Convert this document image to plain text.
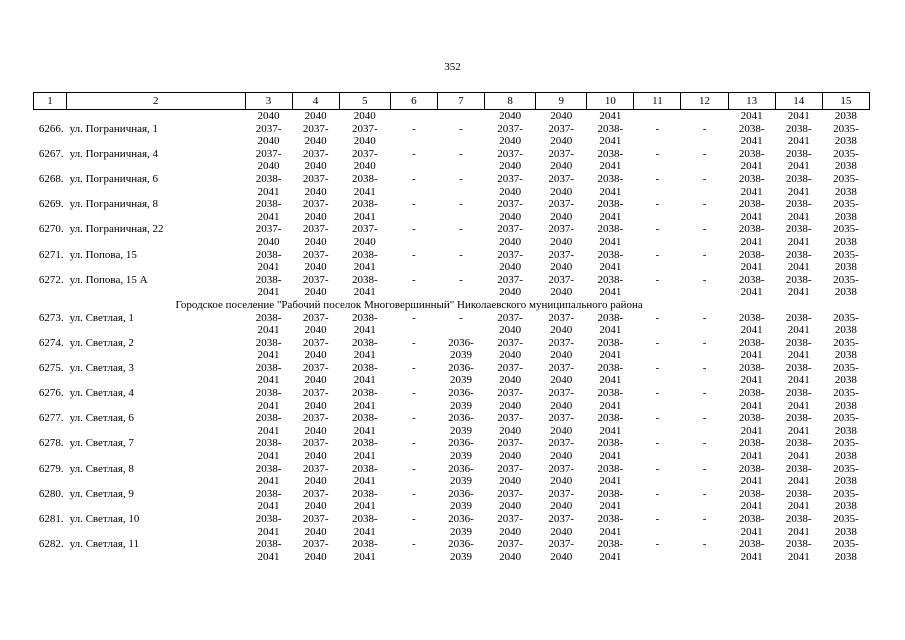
352
1	2	3	4	5	6	7	8	9	10	11	12	13	14	15
		2040	2040	2040			2040	2040	2041			2041	2041	2038
6266.	ул. Пограничная, 1	2037-	2037-	2037-	-	-	2037-	2037-	2038-	-	-	2038-	2038-	2035-
		2040	2040	2040			2040	2040	2041			2041	2041	2038
6267.	ул. Пограничная, 4	2037-	2037-	2037-	-	-	2037-	2037-	2038-	-	-	2038-	2038-	2035-
		2040	2040	2040			2040	2040	2041			2041	2041	2038
6268.	ул. Пограничная, 6	2038-	2037-	2038-	-	-	2037-	2037-	2038-	-	-	2038-	2038-	2035-
		2041	2040	2041			2040	2040	2041			2041	2041	2038
6269.	ул. Пограничная, 8	2038-	2037-	2038-	-	-	2037-	2037-	2038-	-	-	2038-	2038-	2035-
		2041	2040	2041			2040	2040	2041			2041	2041	2038
6270.	ул. Пограничная, 22	2037-	2037-	2037-	-	-	2037-	2037-	2038-	-	-	2038-	2038-	2035-
		2040	2040	2040			2040	2040	2041			2041	2041	2038
6271.	ул. Попова, 15	2038-	2037-	2038-	-	-	2037-	2037-	2038-	-	-	2038-	2038-	2035-
		2041	2040	2041			2040	2040	2041			2041	2041	2038
6272.	ул. Попова, 15 А	2038-	2037-	2038-	-	-	2037-	2037-	2038-	-	-	2038-	2038-	2035-
		2041	2040	2041			2040	2040	2041			2041	2041	2038
Городское поселение "Рабочий поселок Многовершинный" Николаевского муниципального района														
6273.	ул. Светлая, 1	2038-	2037-	2038-	-	-	2037-	2037-	2038-	-	-	2038-	2038-	2035-
		2041	2040	2041			2040	2040	2041			2041	2041	2038
6274.	ул. Светлая, 2	2038-	2037-	2038-	-	2036-	2037-	2037-	2038-	-	-	2038-	2038-	2035-
		2041	2040	2041		2039	2040	2040	2041			2041	2041	2038
6275.	ул. Светлая, 3	2038-	2037-	2038-	-	2036-	2037-	2037-	2038-	-	-	2038-	2038-	2035-
		2041	2040	2041		2039	2040	2040	2041			2041	2041	2038
6276.	ул. Светлая, 4	2038-	2037-	2038-	-	2036-	2037-	2037-	2038-	-	-	2038-	2038-	2035-
		2041	2040	2041		2039	2040	2040	2041			2041	2041	2038
6277.	ул. Светлая, 6	2038-	2037-	2038-	-	2036-	2037-	2037-	2038-	-	-	2038-	2038-	2035-
		2041	2040	2041		2039	2040	2040	2041			2041	2041	2038
6278.	ул. Светлая, 7	2038-	2037-	2038-	-	2036-	2037-	2037-	2038-	-	-	2038-	2038-	2035-
		2041	2040	2041		2039	2040	2040	2041			2041	2041	2038
6279.	ул. Светлая, 8	2038-	2037-	2038-	-	2036-	2037-	2037-	2038-	-	-	2038-	2038-	2035-
		2041	2040	2041		2039	2040	2040	2041			2041	2041	2038
6280.	ул. Светлая, 9	2038-	2037-	2038-	-	2036-	2037-	2037-	2038-	-	-	2038-	2038-	2035-
		2041	2040	2041		2039	2040	2040	2041			2041	2041	2038
6281.	ул. Светлая, 10	2038-	2037-	2038-	-	2036-	2037-	2037-	2038-	-	-	2038-	2038-	2035-
		2041	2040	2041		2039	2040	2040	2041			2041	2041	2038
6282.	ул. Светлая, 11	2038-	2037-	2038-	-	2036-	2037-	2037-	2038-	-	-	2038-	2038-	2035-
		2041	2040	2041		2039	2040	2040	2041			2041	2041	2038
